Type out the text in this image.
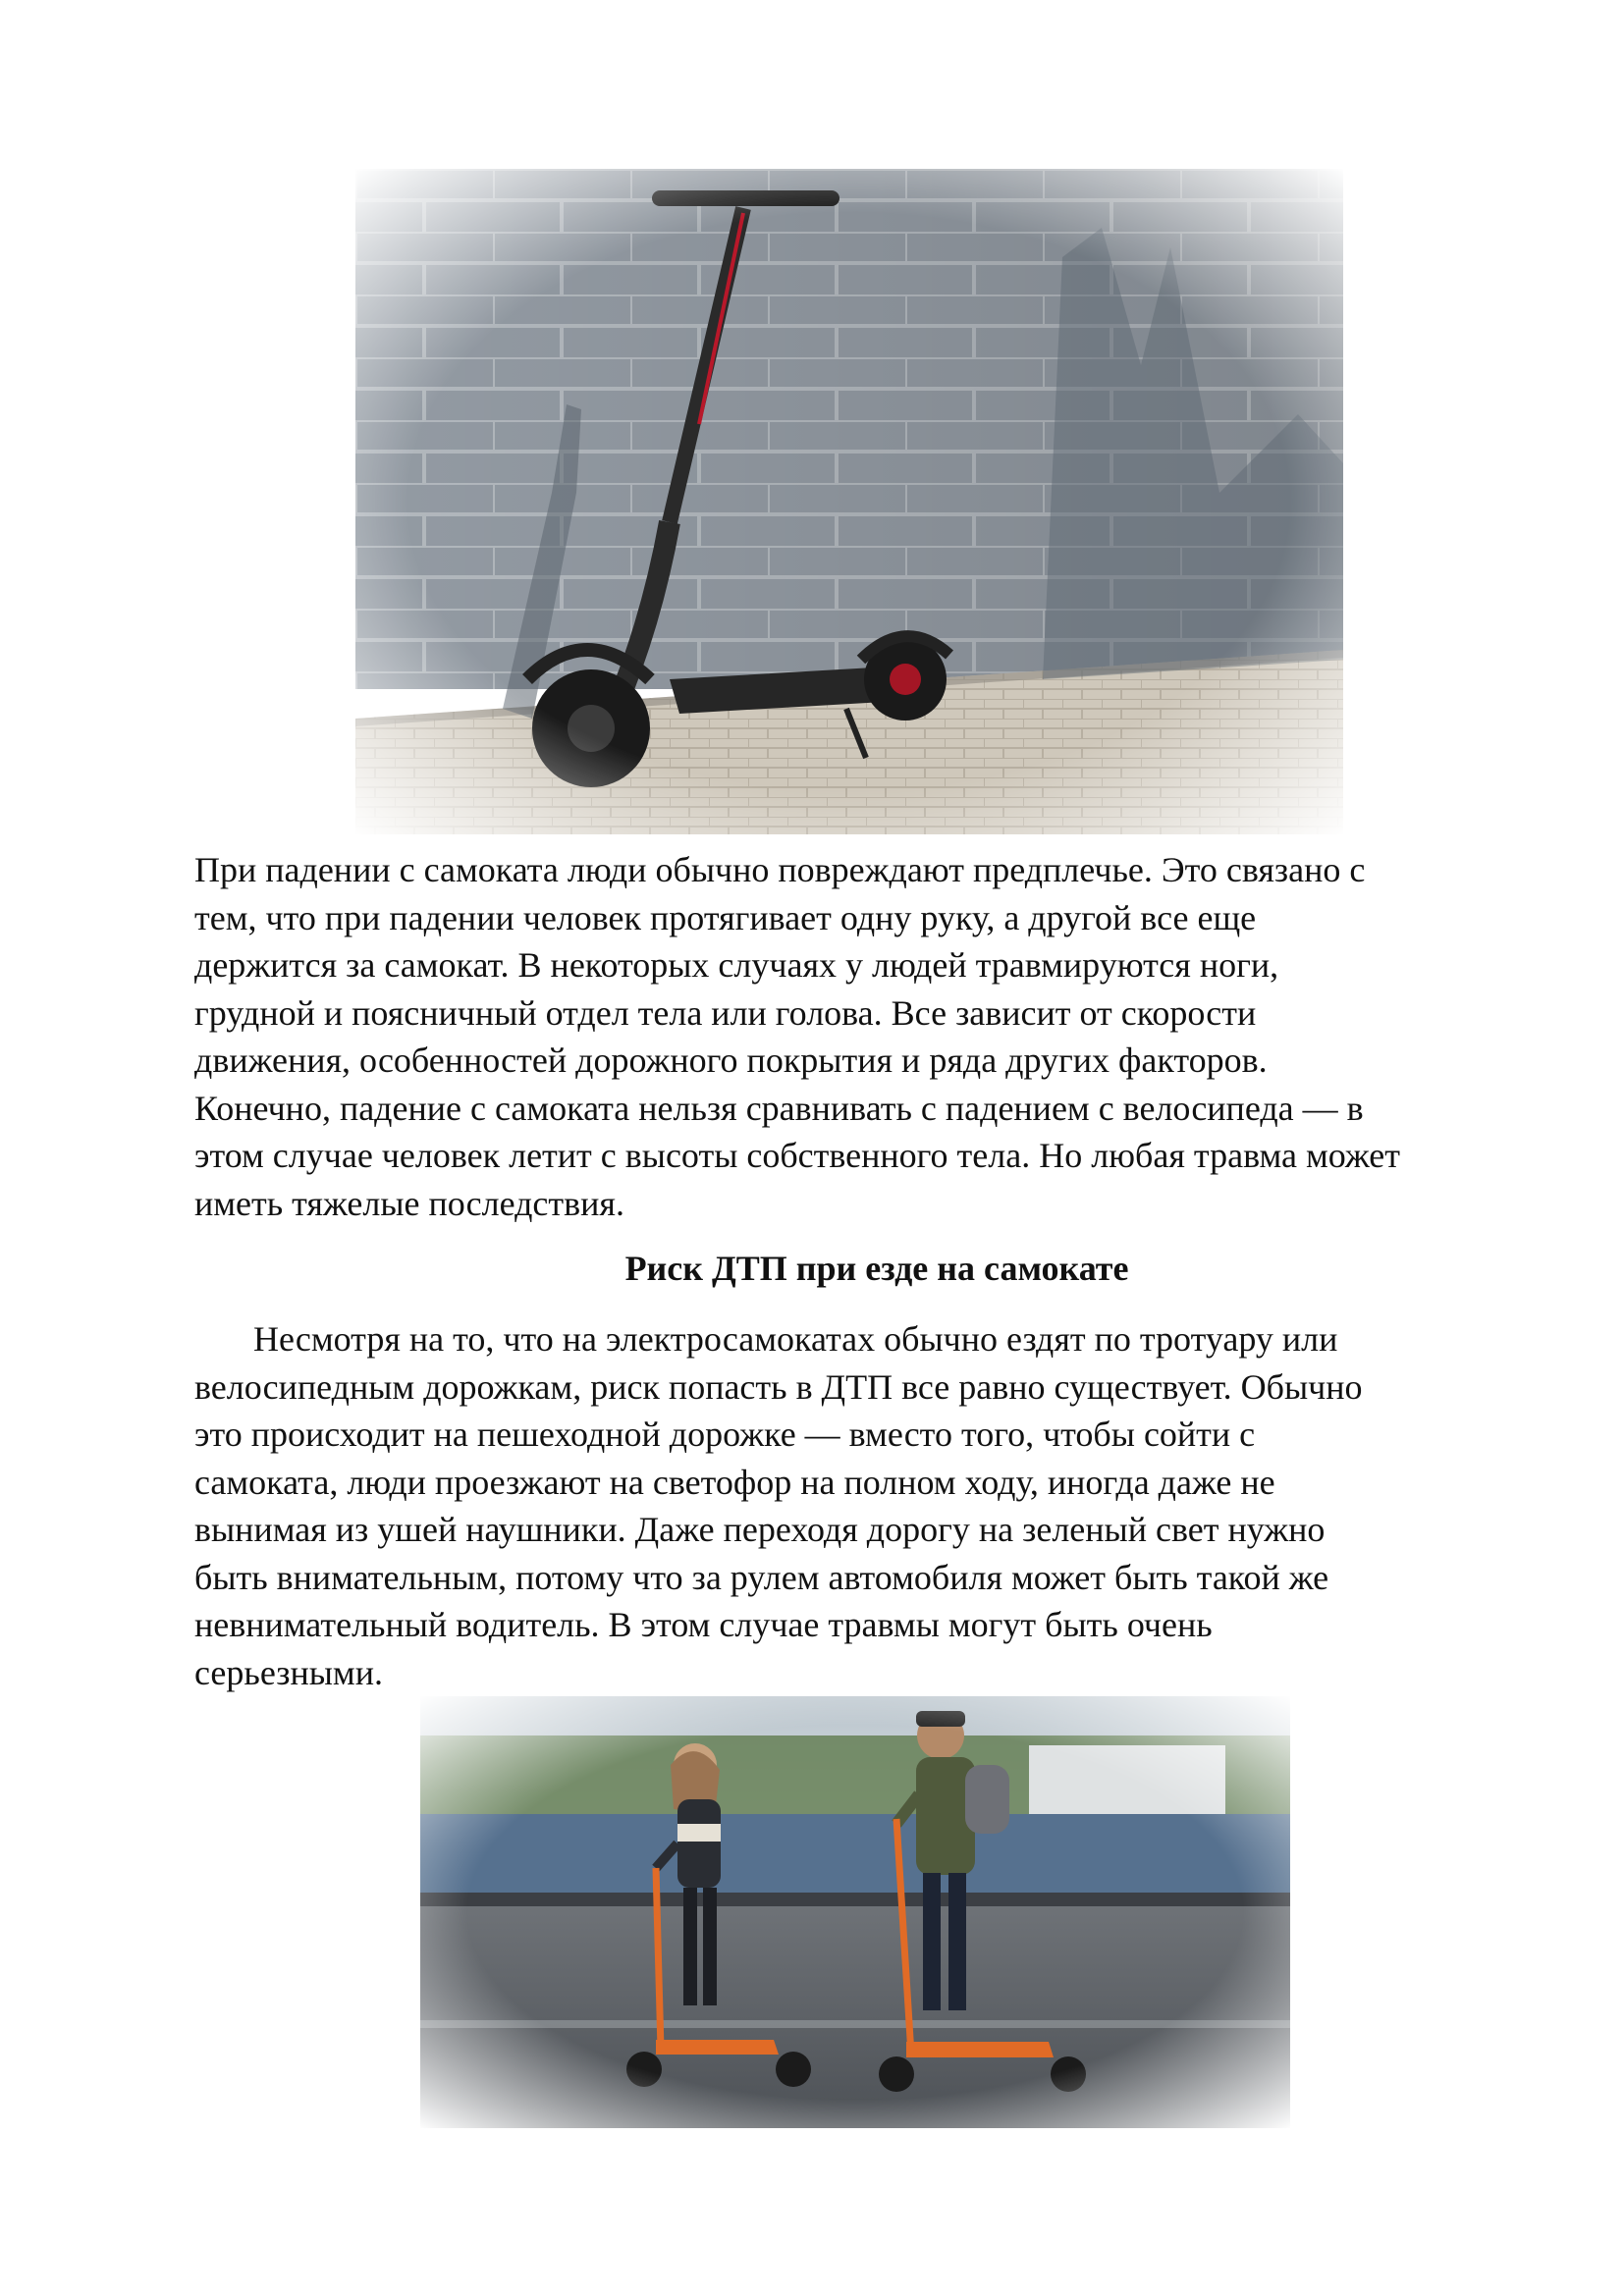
При падении с самоката люди обычно повреждают предплечье. Это связано с
тем, что при падении человек протягивает одну руку, а другой все еще
держится за самокат. В некоторых случаях у людей травмируются ноги,
грудной и поясничный отдел тела или голова. Все зависит от скорости
движения, особенностей дорожного покрытия и ряда других факторов.
Конечно, падение с самоката нельзя сравнивать с падением с велосипеда — в
этом случае человек летит с высоты собственного тела. Но любая травма может
иметь тяжелые последствия.
Риск ДТП при езде на самокате
Несмотря на то, что на электросамокатах обычно ездят по тротуару или
велосипедным дорожкам, риск попасть в ДТП все равно существует. Обычно
это происходит на пешеходной дорожке — вместо того, чтобы сойти с
самоката, люди проезжают на светофор на полном ходу, иногда даже не
вынимая из ушей наушники. Даже переходя дорогу на зеленый свет нужно
быть внимательным, потому что за рулем автомобиля может быть такой же
невнимательный водитель. В этом случае травмы могут быть очень
серьезными.
